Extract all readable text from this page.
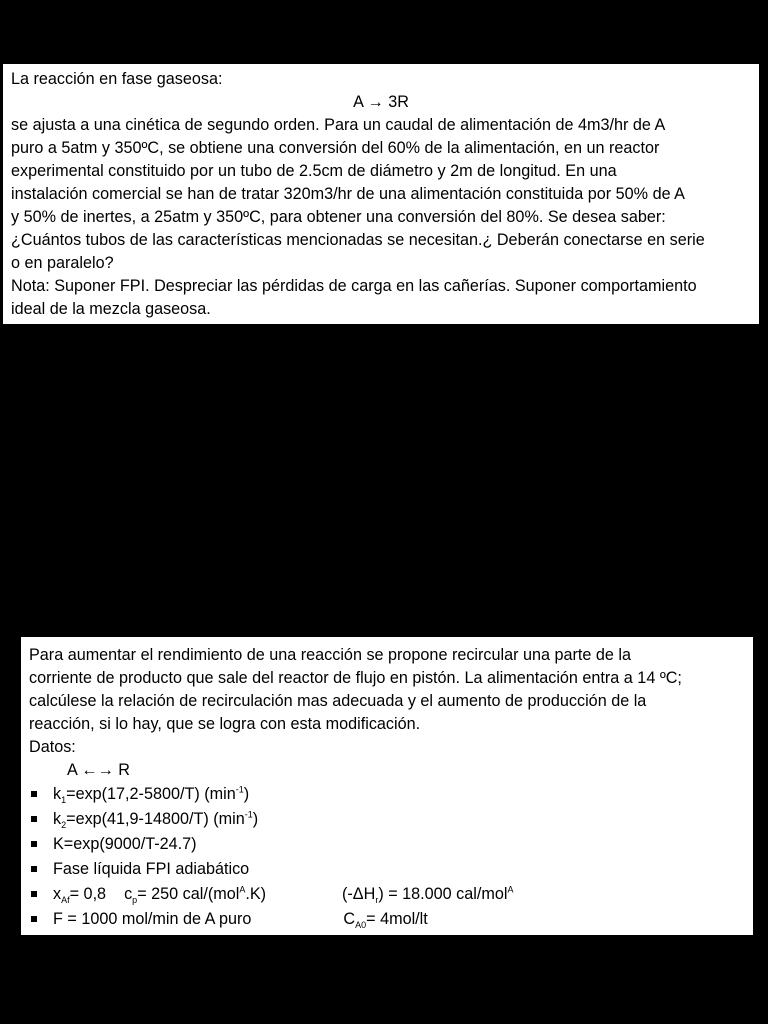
La reacción en fase gaseosa:
A → 3R
se ajusta a una cinética de segundo orden. Para un caudal de alimentación de 4m3/hr de A
puro a 5atm y 350ºC, se obtiene una conversión del 60% de la alimentación, en un reactor
experimental constituido por un tubo de 2.5cm de diámetro y 2m de longitud. En una
instalación comercial se han de tratar 320m3/hr de una alimentación constituida por 50% de A
y 50% de inertes, a 25atm y 350ºC, para obtener una conversión del 80%. Se desea saber:
¿Cuántos tubos de las características mencionadas se necesitan.¿ Deberán conectarse en serie
o en paralelo?
Nota: Suponer FPI. Despreciar las pérdidas de carga en las cañerías. Suponer comportamiento
ideal de la mezcla gaseosa.
Para aumentar el rendimiento de una reacción se propone recircular una parte de la
corriente de producto que sale del reactor de flujo en pistón. La alimentación entra a 14 ºC;
calcúlese la relación de recirculación mas adecuada y el aumento de producción de la
reacción, si lo hay, que se logra con esta modificación.
Datos:
A ←→ R
$k_1=\exp(17,2-5800/T)$ $(\min^{-1})$
$k_2=\exp(41,9-14800/T)$ $(\min^{-1})$
K=exp(9000/T-24.7)
Fase líquida FPI adiabático
$x_{Af}= 0,8$ $c_p= 250$ cal/(mol$^A$.K)	$(-\Delta H_r) = 18.000$ cal/mol$^A$
F = 1000 mol/min de A puro	$C_{A0}= 4mol/lt$
